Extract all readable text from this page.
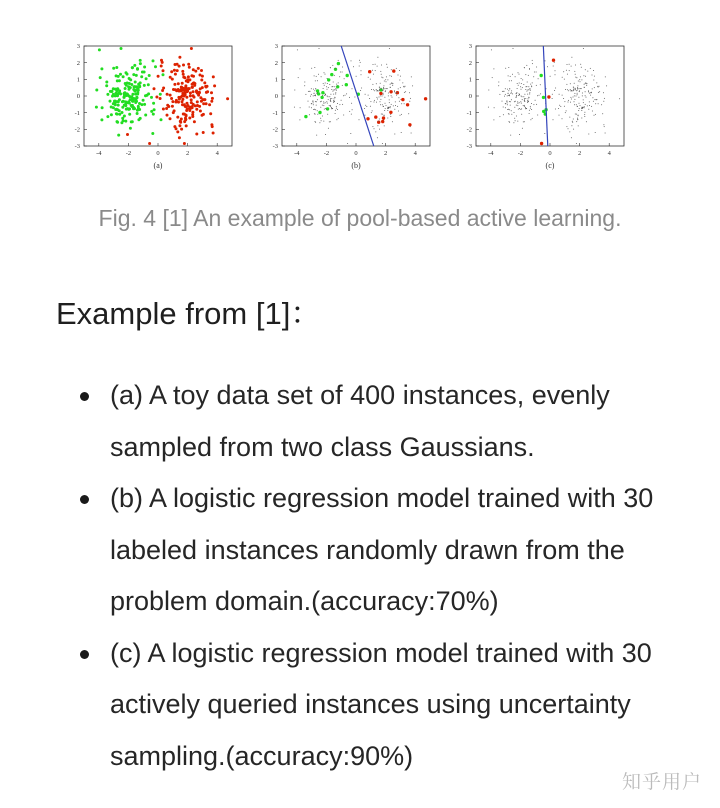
-4	-2	0	2	4
3
2
1
0
-1
-2
-3
(a)
-4	-2	0	2	4
3
2
1
0
-1
-2
-3
(b)
-4	-2	0	2	4
3
2
1
0
-1
-2
-3
(c)
Fig. 4 [1] An example of pool-based active learning.
Example from [1]：
(a) A toy data set of 400 instances, evenly sampled from two class Gaussians.
(b) A logistic regression model trained with 30 labeled instances randomly drawn from the problem domain.(accuracy:70%)
(c) A logistic regression model trained with 30 actively queried instances using uncertainty sampling.(accuracy:90%)
知乎用户
